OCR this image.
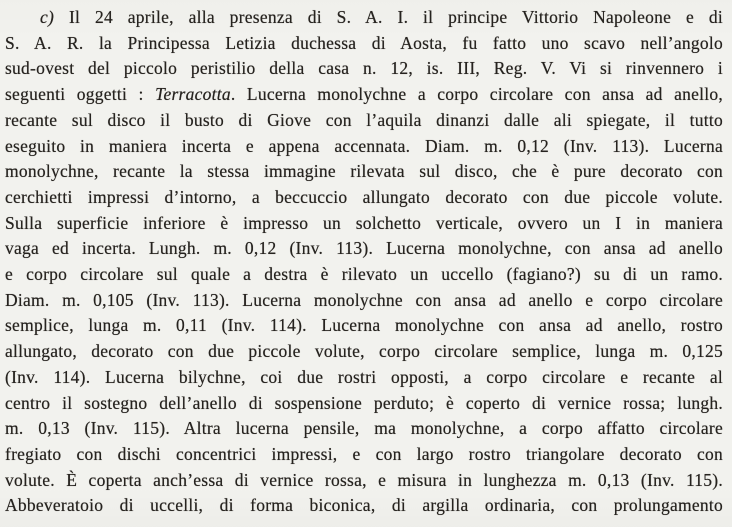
c) Il 24 aprile, alla presenza di S. A. I. il principe Vittorio Napoleone e di
S. A. R. la Principessa Letizia duchessa di Aosta, fu fatto uno scavo nell’angolo
sud-ovest del piccolo peristilio della casa n. 12, is. III, Reg. V. Vi si rinvennero i
seguenti oggetti : Terracotta. Lucerna monolychne a corpo circolare con ansa ad anello,
recante sul disco il busto di Giove con l’aquila dinanzi dalle ali spiegate, il tutto
eseguito in maniera incerta e appena accennata. Diam. m. 0,12 (Inv. 113). Lucerna
monolychne, recante la stessa immagine rilevata sul disco, che è pure decorato con
cerchietti impressi d’intorno, a beccuccio allungato decorato con due piccole volute.
Sulla superficie inferiore è impresso un solchetto verticale, ovvero un I in maniera
vaga ed incerta. Lungh. m. 0,12 (Inv. 113). Lucerna monolychne, con ansa ad anello
e corpo circolare sul quale a destra è rilevato un uccello (fagiano?) su di un ramo.
Diam. m. 0,105 (Inv. 113). Lucerna monolychne con ansa ad anello e corpo circolare
semplice, lunga m. 0,11 (Inv. 114). Lucerna monolychne con ansa ad anello, rostro
allungato, decorato con due piccole volute, corpo circolare semplice, lunga m. 0,125
(Inv. 114). Lucerna bilychne, coi due rostri opposti, a corpo circolare e recante al
centro il sostegno dell’anello di sospensione perduto; è coperto di vernice rossa; lungh.
m. 0,13 (Inv. 115). Altra lucerna pensile, ma monolychne, a corpo affatto circolare
fregiato con dischi concentrici impressi, e con largo rostro triangolare decorato con
volute. È coperta anch’essa di vernice rossa, e misura in lunghezza m. 0,13 (Inv. 115).
Abbeveratoio di uccelli, di forma biconica, di argilla ordinaria, con prolungamento
